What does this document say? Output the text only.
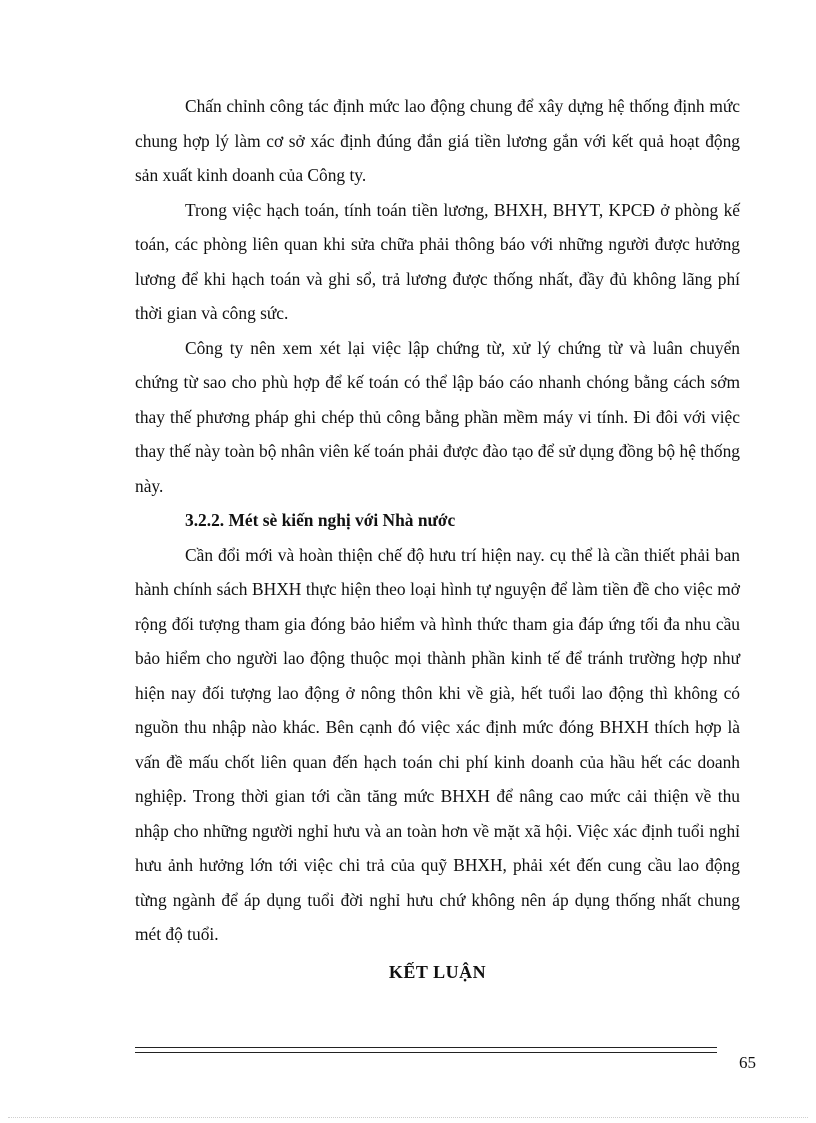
Chấn chỉnh công tác định mức lao động chung để xây dựng hệ thống định mức chung hợp lý làm cơ sở xác định đúng đắn giá tiền lương gắn với kết quả hoạt động sản xuất kinh doanh của Công ty.

Trong việc hạch toán, tính toán tiền lương, BHXH, BHYT, KPCĐ ở phòng kế toán, các phòng liên quan khi sửa chữa phải thông báo với những người được hưởng lương để khi hạch toán và ghi sổ, trả lương được thống nhất, đầy đủ không lãng phí thời gian và công sức.

Công ty nên xem xét lại việc lập chứng từ, xử lý chứng từ và luân chuyển chứng từ sao cho phù hợp để kế toán có thể lập báo cáo nhanh chóng bằng cách sớm thay thế phương pháp ghi chép thủ công bằng phần mềm máy vi tính. Đi đôi với việc thay thế này toàn bộ nhân viên kế toán phải được đào tạo để sử dụng đồng bộ hệ thống này.

3.2.2. Mét sè kiến nghị với Nhà nước

Cần đổi mới và hoàn thiện chế độ hưu trí hiện nay. cụ thể là cần thiết phải ban hành chính sách BHXH thực hiện theo loại hình tự nguyện để làm tiền đề cho việc mở rộng đối tượng tham gia đóng bảo hiểm và hình thức tham gia đáp ứng tối đa nhu cầu bảo hiểm cho người lao động thuộc mọi thành phần kinh tế để tránh trường hợp như hiện nay đối tượng lao động ở nông thôn khi về già, hết tuổi lao động thì không có nguồn thu nhập nào khác. Bên cạnh đó việc xác định mức đóng BHXH thích hợp là vấn đề mấu chốt liên quan đến hạch toán chi phí kinh doanh của hầu hết các doanh nghiệp. Trong thời gian tới cần tăng mức BHXH để nâng cao mức cải thiện về thu nhập cho những người nghỉ hưu và an toàn hơn về mặt xã hội. Việc xác định tuổi nghỉ hưu ảnh hưởng lớn tới việc chi trả của quỹ BHXH, phải xét đến cung cầu lao động từng ngành để áp dụng tuổi đời nghỉ hưu chứ không nên áp dụng thống nhất chung mét độ tuổi.

KẾT LUẬN

65
